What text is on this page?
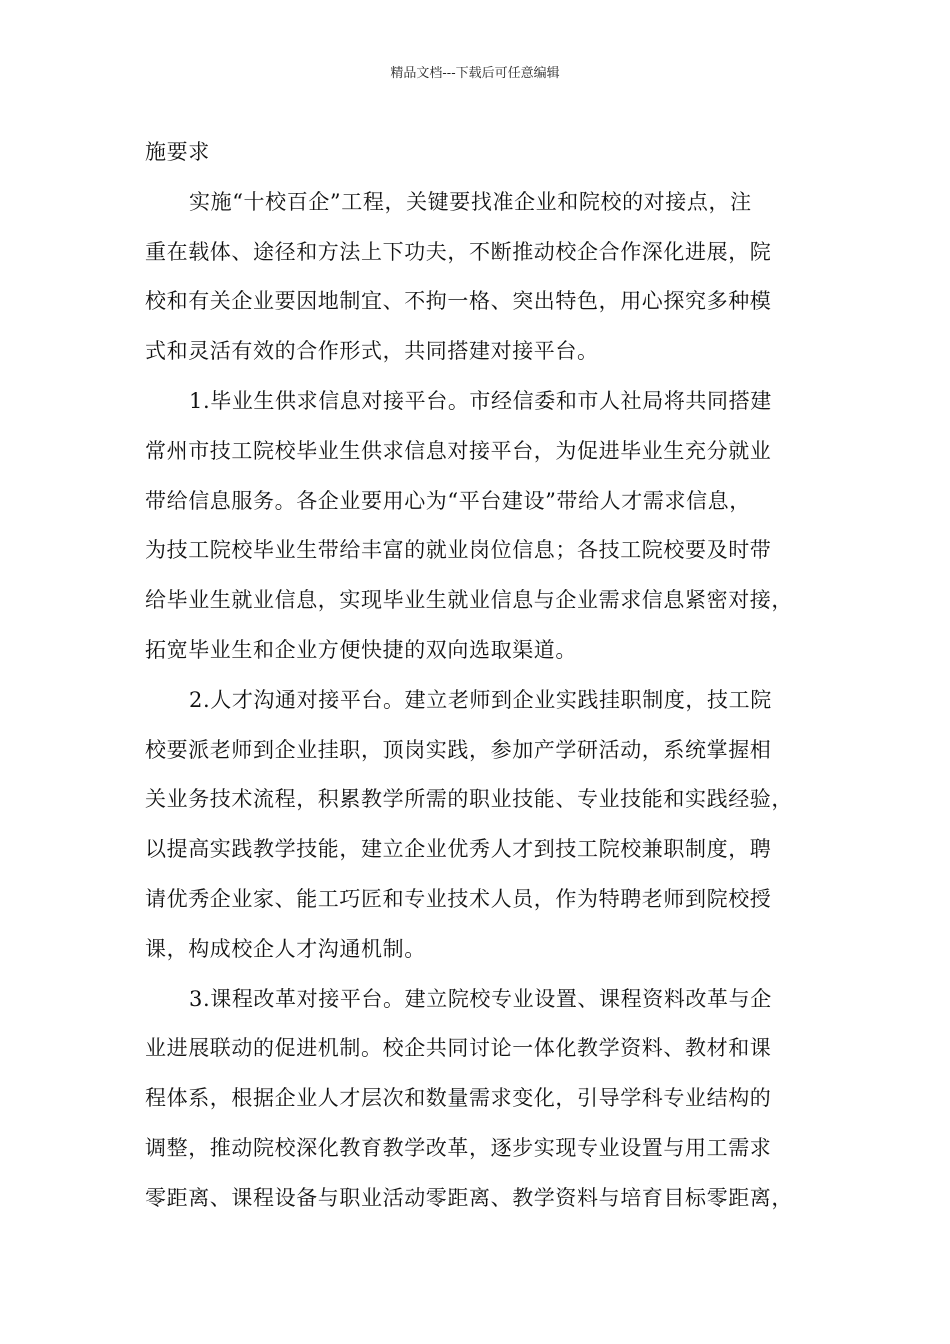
精品文档---下载后可任意编辑
施要求
实施“十校百企”工程，关键要找准企业和院校的对接点，注
重在载体、途径和方法上下功夫，不断推动校企合作深化进展，院
校和有关企业要因地制宜、不拘一格、突出特色，用心探究多种模
式和灵活有效的合作形式，共同搭建对接平台。
1.毕业生供求信息对接平台。市经信委和市人社局将共同搭建
常州市技工院校毕业生供求信息对接平台，为促进毕业生充分就业
带给信息服务。各企业要用心为“平台建设”带给人才需求信息，
为技工院校毕业生带给丰富的就业岗位信息；各技工院校要及时带
给毕业生就业信息，实现毕业生就业信息与企业需求信息紧密对接，
拓宽毕业生和企业方便快捷的双向选取渠道。
2.人才沟通对接平台。建立老师到企业实践挂职制度，技工院
校要派老师到企业挂职，顶岗实践，参加产学研活动，系统掌握相
关业务技术流程，积累教学所需的职业技能、专业技能和实践经验，
以提高实践教学技能，建立企业优秀人才到技工院校兼职制度，聘
请优秀企业家、能工巧匠和专业技术人员，作为特聘老师到院校授
课，构成校企人才沟通机制。
3.课程改革对接平台。建立院校专业设置、课程资料改革与企
业进展联动的促进机制。校企共同讨论一体化教学资料、教材和课
程体系，根据企业人才层次和数量需求变化，引导学科专业结构的
调整，推动院校深化教育教学改革，逐步实现专业设置与用工需求
零距离、课程设备与职业活动零距离、教学资料与培育目标零距离，
